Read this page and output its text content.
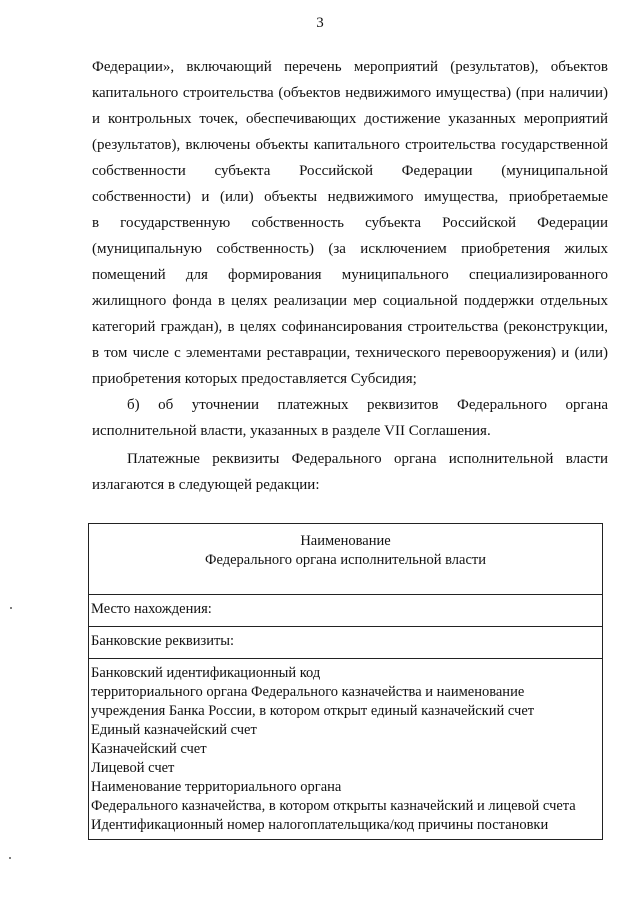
3
Федерации», включающий перечень мероприятий (результатов), объектов
капитального строительства (объектов недвижимого имущества) (при наличии)
и контрольных точек, обеспечивающих достижение указанных мероприятий
(результатов), включены объекты капитального строительства государственной
собственности субъекта Российской Федерации (муниципальной
собственности) и (или) объекты недвижимого имущества, приобретаемые
в государственную собственность субъекта Российской Федерации
(муниципальную собственность) (за исключением приобретения жилых
помещений для формирования муниципального специализированного
жилищного фонда в целях реализации мер социальной поддержки отдельных
категорий граждан), в целях софинансирования строительства (реконструкции,
в том числе с элементами реставрации, технического перевооружения) и (или)
приобретения которых предоставляется Субсидия;
б) об уточнении платежных реквизитов Федерального органа
исполнительной власти, указанных в разделе VII Соглашения.
Платежные реквизиты Федерального органа исполнительной власти
излагаются в следующей редакции:
Наименование
Федерального органа исполнительной власти
Место нахождения:
Банковские реквизиты:
Банковский идентификационный код
территориального органа Федерального казначейства и наименование
учреждения Банка России, в котором открыт единый казначейский счет
Единый казначейский счет
Казначейский счет
Лицевой счет
Наименование территориального органа
Федерального казначейства, в котором открыты казначейский и лицевой счета
Идентификационный номер налогоплательщика/код причины постановки
